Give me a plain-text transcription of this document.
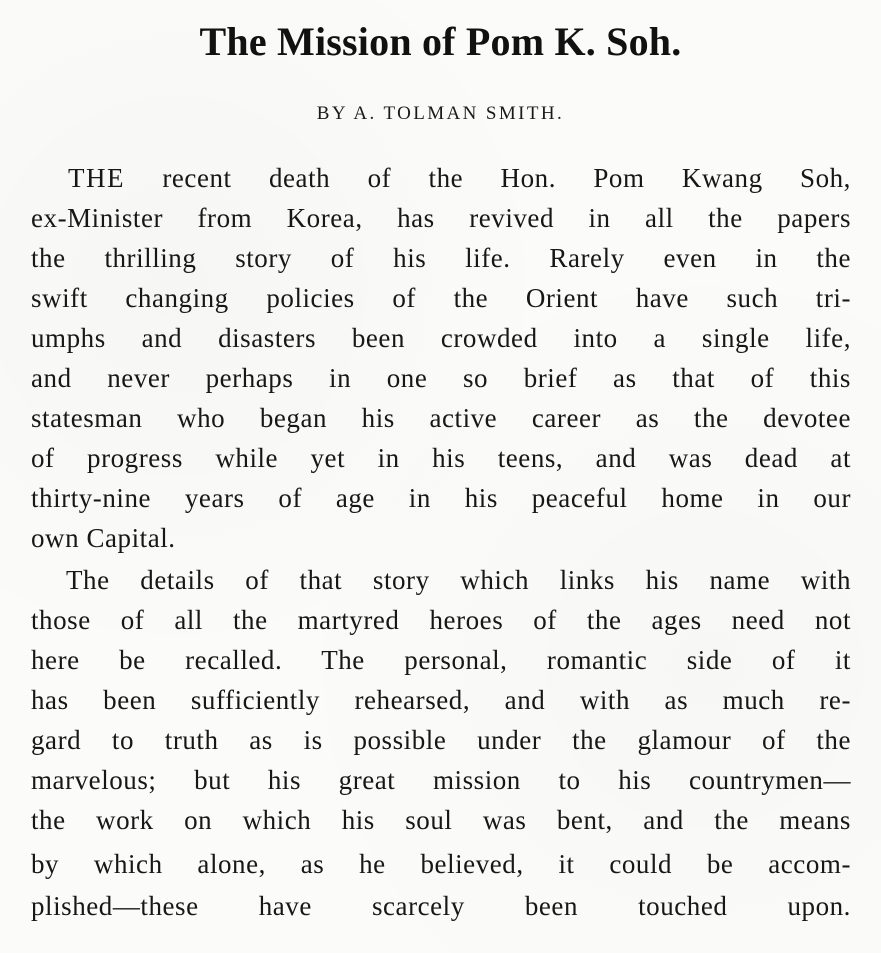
The Mission of Pom K. Soh.
BY A. TOLMAN SMITH.
THE recent death of the Hon. Pom Kwang Soh,
ex-Minister from Korea, has revived in all the papers
the thrilling story of his life. Rarely even in the
swift changing policies of the Orient have such tri-
umphs and disasters been crowded into a single life,
and never perhaps in one so brief as that of this
statesman who began his active career as the devotee
of progress while yet in his teens, and was dead at
thirty-nine years of age in his peaceful home in our
own Capital.
The details of that story which links his name with
those of all the martyred heroes of the ages need not
here be recalled. The personal, romantic side of it
has been sufficiently rehearsed, and with as much re-
gard to truth as is possible under the glamour of the
marvelous; but his great mission to his countrymen—
the work on which his soul was bent, and the means
by which alone, as he believed, it could be accom-
plished—these have scarcely been touched upon.
